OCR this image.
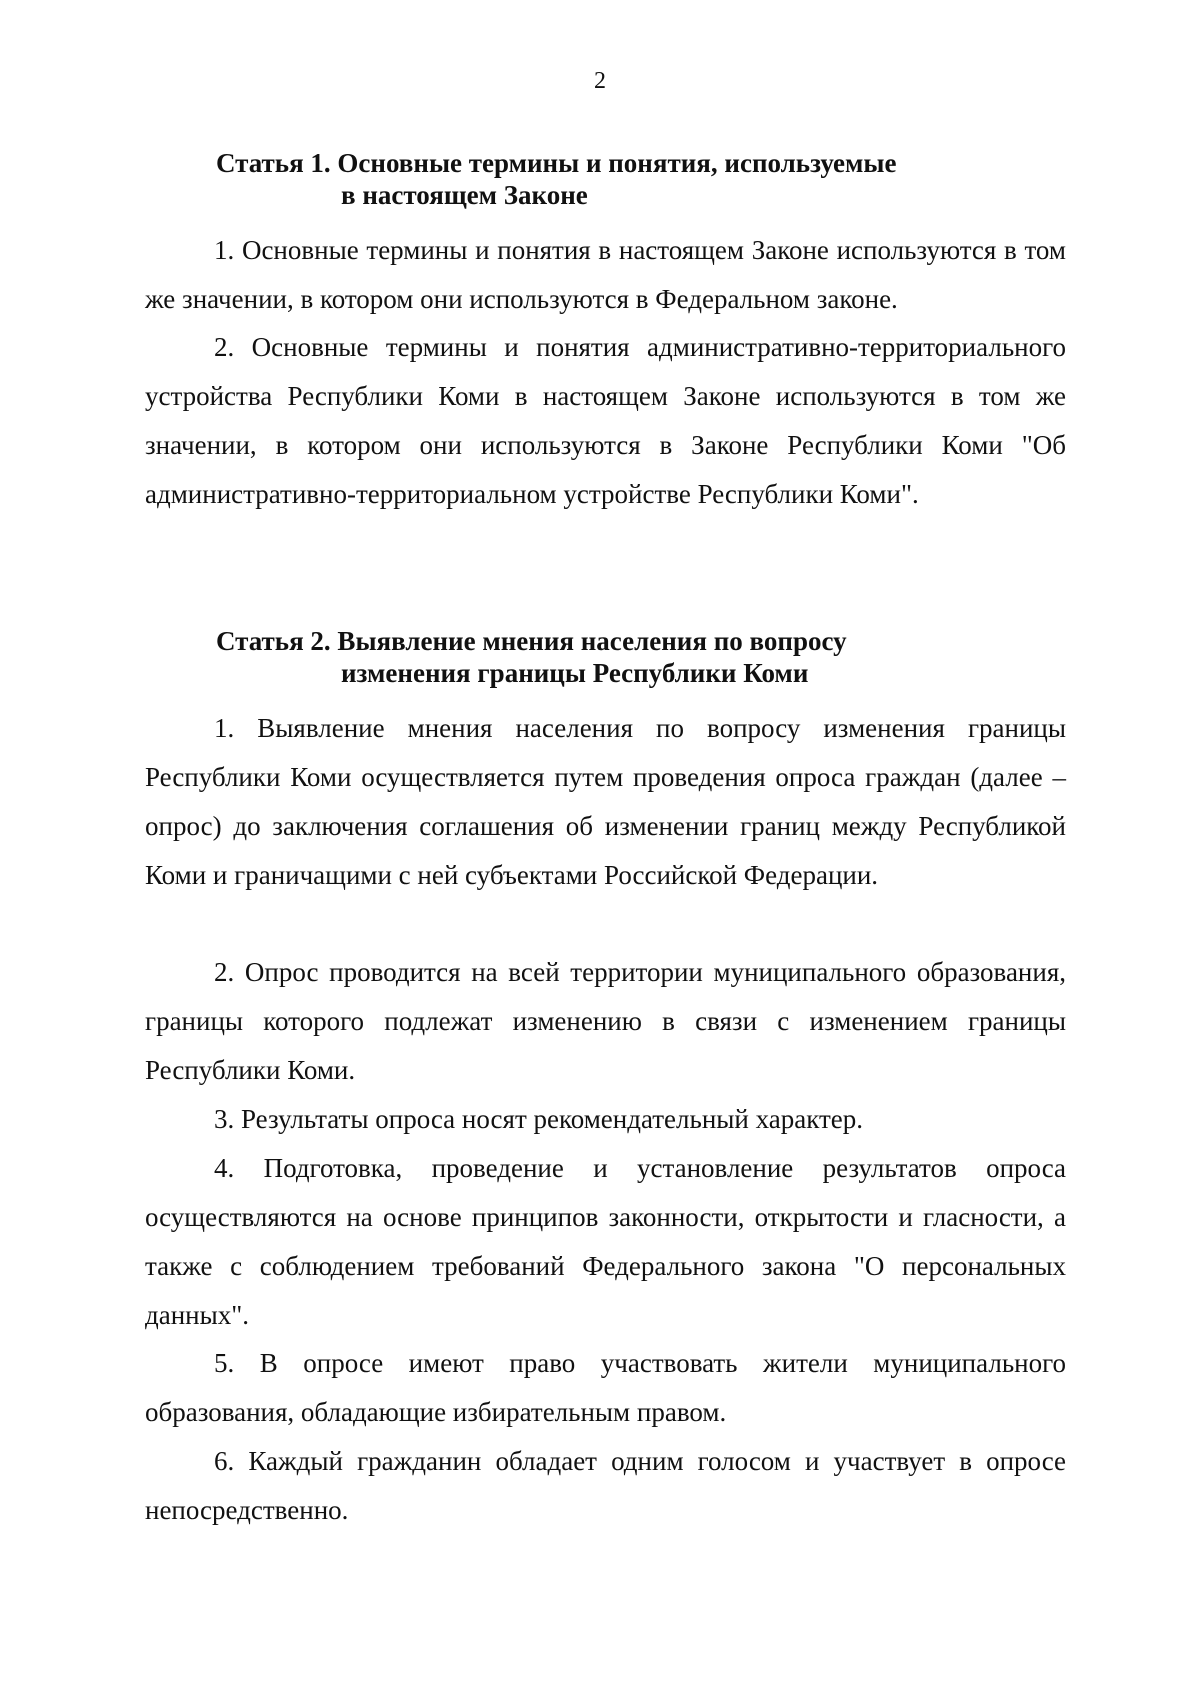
2
Статья 1. Основные термины и понятия, используемые
в настоящем Законе

1. Основные термины и понятия в настоящем Законе используются в том же значении, в котором они используются в Федеральном законе.

2. Основные термины и понятия административно-территориального устройства Республики Коми в настоящем Законе используются в том же значении, в котором они используются в Законе Республики Коми "Об административно-территориальном устройстве Республики Коми".

Статья 2. Выявление мнения населения по вопросу
изменения границы Республики Коми

1. Выявление мнения населения по вопросу изменения границы Республики Коми осуществляется путем проведения опроса граждан (далее – опрос) до заключения соглашения об изменении границ между Республикой Коми и граничащими с ней субъектами Российской Федерации.

2. Опрос проводится на всей территории муниципального образования, границы которого подлежат изменению в связи с изменением границы Республики Коми.

3. Результаты опроса носят рекомендательный характер.

4. Подготовка, проведение и установление результатов опроса осуществляются на основе принципов законности, открытости и гласности, а также с соблюдением требований Федерального закона "О персональных данных".

5. В опросе имеют право участвовать жители муниципального образования, обладающие избирательным правом.

6. Каждый гражданин обладает одним голосом и участвует в опросе непосредственно.
